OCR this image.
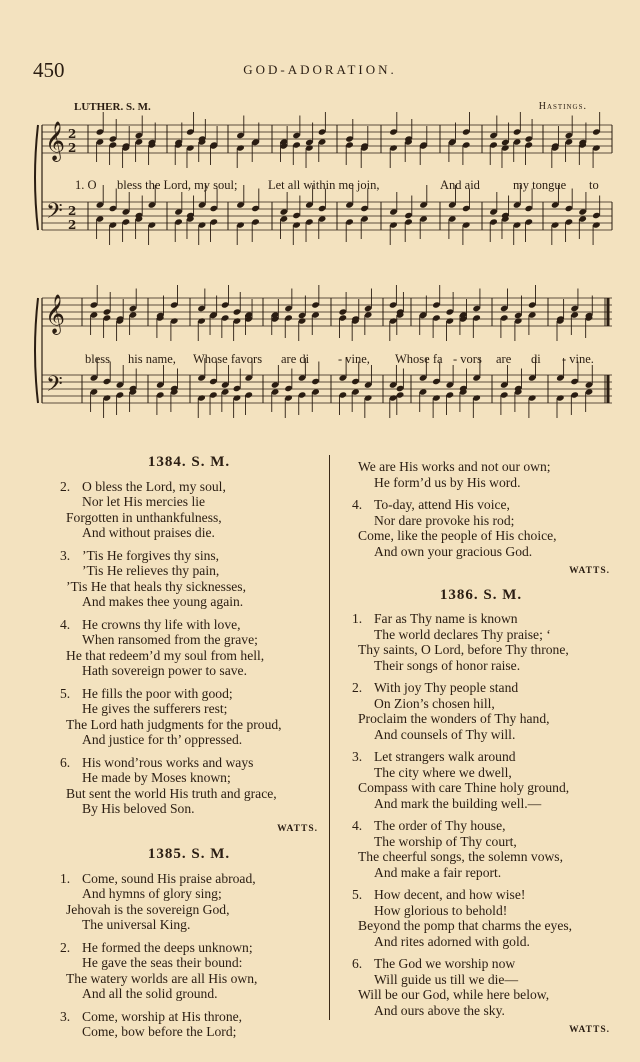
450	GOD-ADORATION.
LUTHER. S. M.	Hastings.
𝄞
𝄢
2
2
2
2
𝄞
𝄢
1. O bless the Lord, my soul; Let all within me join,	And aid	my tongue to
bless his name, Whose favors are di - vine, Whose fa - vors are di - vine.
1384. S. M.
2. O bless the Lord, my soul,
Nor let His mercies lie
Forgotten in unthankfulness,
And without praises die.
3. ’Tis He forgives thy sins,
’Tis He relieves thy pain,
’Tis He that heals thy sicknesses,
And makes thee young again.
4. He crowns thy life with love,
When ransomed from the grave;
He that redeem’d my soul from hell,
Hath sovereign power to save.
5. He fills the poor with good;
He gives the sufferers rest;
The Lord hath judgments for the proud,
And justice for th’ oppressed.
6. His wond’rous works and ways
He made by Moses known;
But sent the world His truth and grace,
By His beloved Son.
WATTS.
1385. S. M.
1. Come, sound His praise abroad,
And hymns of glory sing;
Jehovah is the sovereign God,
The universal King.
2. He formed the deeps unknown;
He gave the seas their bound:
The watery worlds are all His own,
And all the solid ground.
3. Come, worship at His throne,
Come, bow before the Lord;
We are His works and not our own;
He form’d us by His word.
4. To-day, attend His voice,
Nor dare provoke his rod;
Come, like the people of His choice,
And own your gracious God.
WATTS.
1386. S. M.
1. Far as Thy name is known
The world declares Thy praise; ‘
Thy saints, O Lord, before Thy throne,
Their songs of honor raise.
2. With joy Thy people stand
On Zion’s chosen hill,
Proclaim the wonders of Thy hand,
And counsels of Thy will.
3. Let strangers walk around
The city where we dwell,
Compass with care Thine holy ground,
And mark the building well.—
4. The order of Thy house,
The worship of Thy court,
The cheerful songs, the solemn vows,
And make a fair report.
5. How decent, and how wise!
How glorious to behold!
Beyond the pomp that charms the eyes,
And rites adorned with gold.
6. The God we worship now
Will guide us till we die—
Will be our God, while here below,
And ours above the sky.
WATTS.
